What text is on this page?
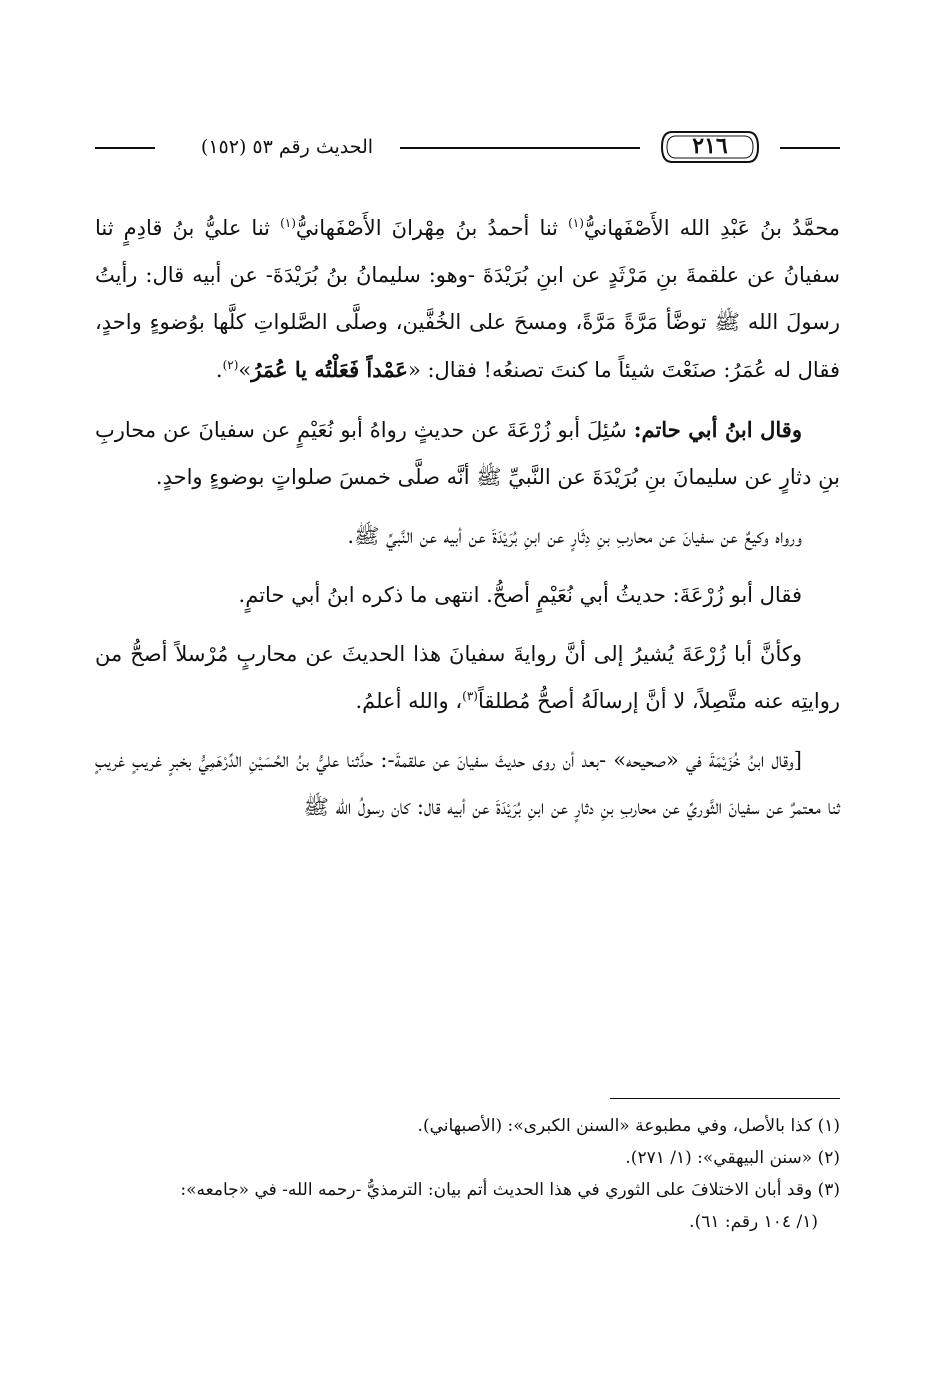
٢١٦
الحديث رقم ٥٣ (١٥٢)

محمَّدُ بنُ عَبْدِ الله الأَصْفَهانيُّ$^{(١)}$ ثنا أحمدُ بنُ مِهْرانَ الأَصْفَهانيُّ$^{(١)}$ ثنا عليُّ بنُ قادِمٍ ثنا سفيانُ عن علقمةَ بنِ مَرْثَدٍ عن ابنِ بُرَيْدَةَ -وهو: سليمانُ بنُ بُرَيْدَةَ- عن أبيه قال: رأيتُ رسولَ الله ﷺ توضَّأ مَرَّةً مَرَّةً، ومسحَ على الخُفَّين، وصلَّى الصَّلواتِ كلَّها بوُضوءٍ واحدٍ، فقال له عُمَرُ: صنَعْتَ شيئاً ما كنتَ تصنعُه! فقال: «عَمْداً فَعَلْتُه يا عُمَرُ»$^{(٢)}$.

وقال ابنُ أبي حاتم: سُئِلَ أبو زُرْعَةَ عن حديثٍ رواهُ أبو نُعَيْمٍ عن سفيانَ عن محاربِ بنِ دثارٍ عن سليمانَ بنِ بُرَيْدَةَ عن النَّبيِّ ﷺ أنَّه صلَّى خمسَ صلواتٍ بوضوءٍ واحدٍ.

ورواه وكيعٌ عن سفيانَ عن محاربِ بنِ دِثَارٍ عن ابنِ بُرَيْدَةَ عن أبيه عن النَّبيِّ ﷺ.

فقال أبو زُرْعَةَ: حديثُ أبي نُعَيْمٍ أصحُّ. انتهى ما ذكره ابنُ أبي حاتمٍ.

وكأنَّ أبا زُرْعَةَ يُشيرُ إلى أنَّ روايةَ سفيانَ هذا الحديثَ عن محاربٍ مُرْسلاً أصحُّ من روايتِه عنه متَّصِلاً، لا أنَّ إرسالَهُ أصحُّ مُطلقاً$^{(٣)}$، والله أعلمُ.

[وقال ابنُ خُزَيْمَةَ في «صحيحه» -بعد أن روى حديثَ سفيانَ عن علقمةَ-: حدَّثنا عليُّ بنُ الحُسَيْنِ الدِّرْهَمِيُّ بخبرٍ غريبٍ غريبٍ ثنا معتمرٌ عن سفيانَ الثَّوريِّ عن محاربِ بنِ دثارٍ عن ابنِ بُرَيْدَةَ عن أبيه قال: كان رسولُ الله ﷺ

(١) كذا بالأصل، وفي مطبوعة «السنن الكبرى»: (الأصبهاني).

(٢) «سنن البيهقي»: (١/ ٢٧١).

(٣) وقد أبان الاختلافَ على الثوري في هذا الحديث أتم بيان: الترمذيُّ -رحمه الله- في «جامعه»:

(١/ ١٠٤ رقم: ٦١).
